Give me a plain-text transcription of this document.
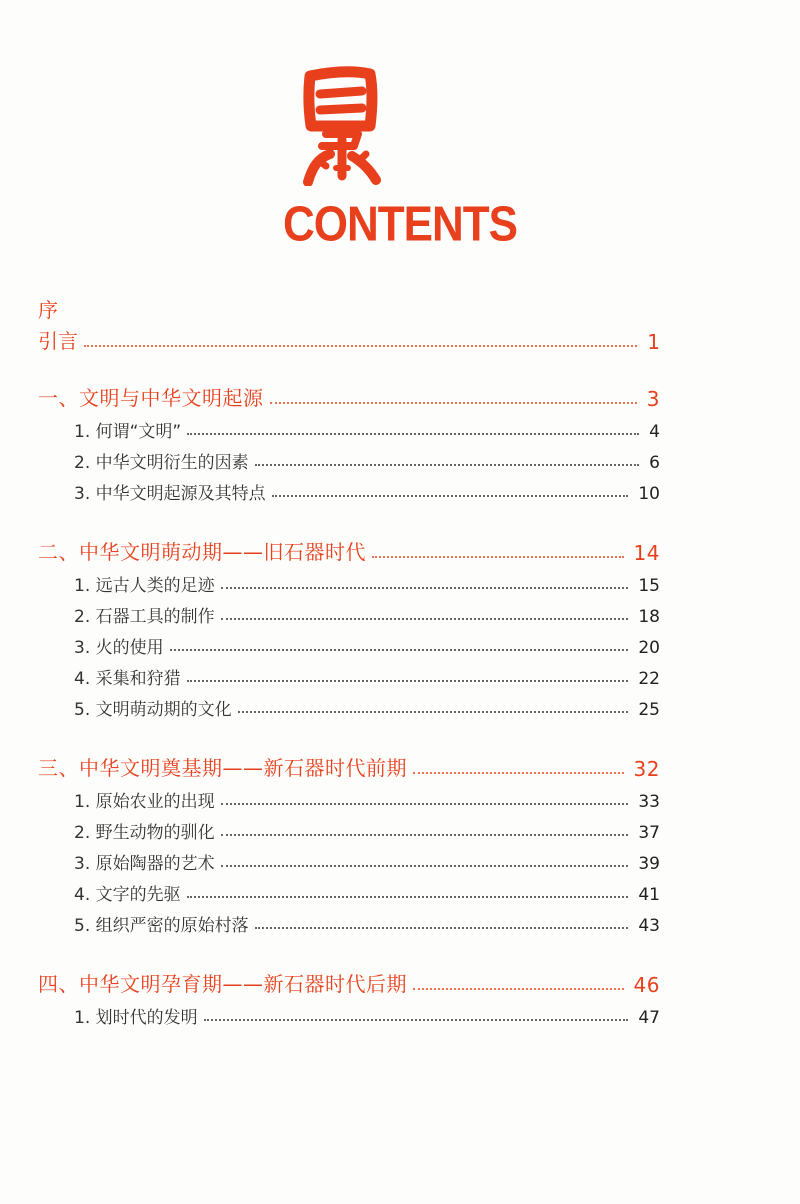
CONTENTS
序
引言	1
一、文明与中华文明起源	3
1. 何谓“文明”	4
2. 中华文明衍生的因素	6
3. 中华文明起源及其特点	10
二、中华文明萌动期——旧石器时代	14
1. 远古人类的足迹	15
2. 石器工具的制作	18
3. 火的使用	20
4. 采集和狩猎	22
5. 文明萌动期的文化	25
三、中华文明奠基期——新石器时代前期	32
1. 原始农业的出现	33
2. 野生动物的驯化	37
3. 原始陶器的艺术	39
4. 文字的先驱	41
5. 组织严密的原始村落	43
四、中华文明孕育期——新石器时代后期	46
1. 划时代的发明	47
